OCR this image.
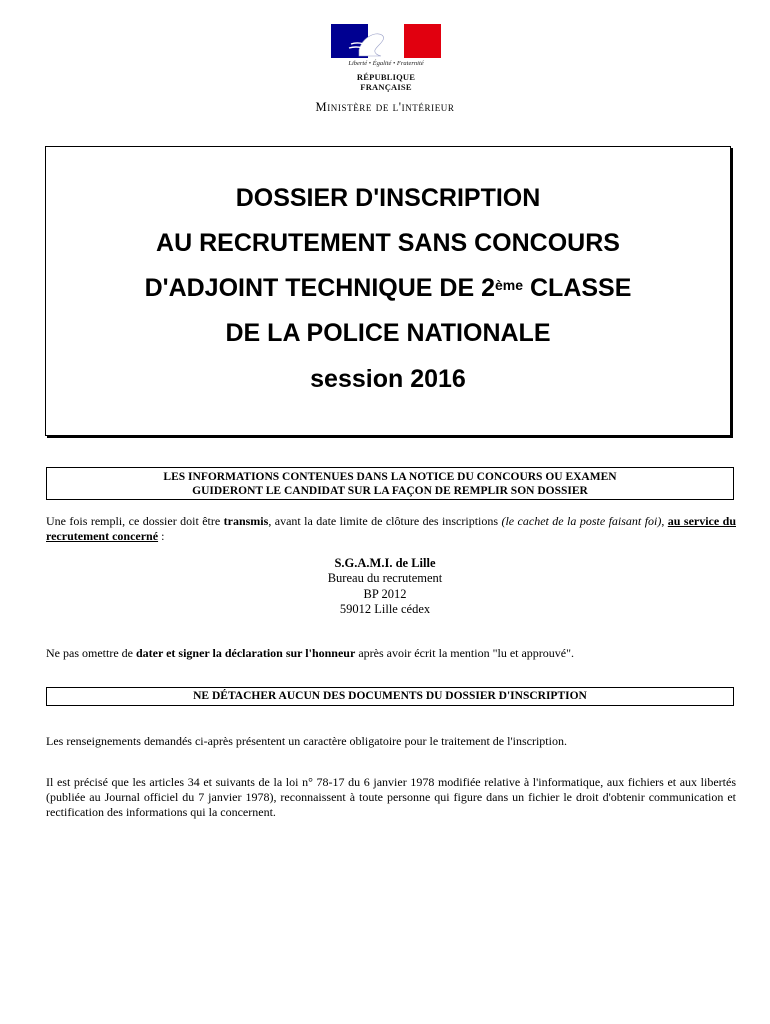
Liberté • Égalité • Fraternité
RÉPUBLIQUE FRANÇAISE
Ministère de l'intérieur
DOSSIER D'INSCRIPTION
AU RECRUTEMENT SANS CONCOURS
D'ADJOINT TECHNIQUE DE 2ème CLASSE
DE LA POLICE NATIONALE
session 2016
LES INFORMATIONS CONTENUES DANS LA NOTICE DU CONCOURS OU EXAMEN
GUIDERONT LE CANDIDAT SUR LA FAÇON DE REMPLIR SON DOSSIER
Une fois rempli, ce dossier doit être transmis, avant la date limite de clôture des inscriptions (le cachet de la poste faisant foi), au service du recrutement concerné :
S.G.A.M.I. de Lille
Bureau du recrutement
BP 2012
59012 Lille cédex
Ne pas omettre de dater et signer la déclaration sur l'honneur après avoir écrit la mention "lu et approuvé".
NE DÉTACHER AUCUN DES DOCUMENTS DU DOSSIER D'INSCRIPTION
Les renseignements demandés ci-après présentent un caractère obligatoire pour le traitement de l'inscription.
Il est précisé que les articles 34 et suivants de la loi n° 78-17 du 6 janvier 1978 modifiée relative à l'informatique, aux fichiers et aux libertés (publiée au Journal officiel du 7 janvier 1978), reconnaissent à toute personne qui figure dans un fichier le droit d'obtenir communication et rectification des informations qui la concernent.
